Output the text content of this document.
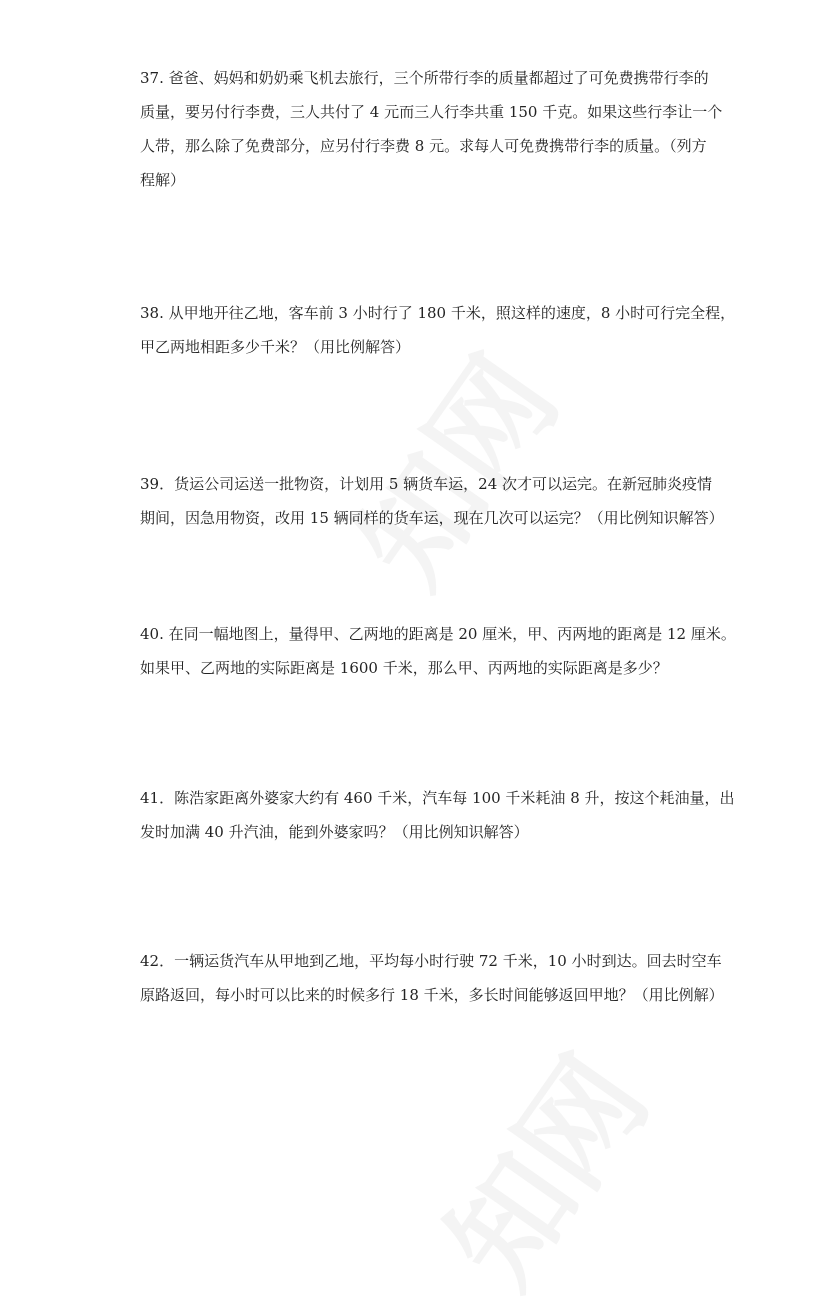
37. 爸爸、妈妈和奶奶乘飞机去旅行，三个所带行李的质量都超过了可免费携带行李的
质量，要另付行李费，三人共付了 4 元而三人行李共重 150 千克。如果这些行李让一个
人带，那么除了免费部分，应另付行李费 8 元。求每人可免费携带行李的质量。（列方
程解）
38. 从甲地开往乙地，客车前 3 小时行了 180 千米，照这样的速度，8 小时可行完全程，
甲乙两地相距多少千米？（用比例解答）
39．货运公司运送一批物资，计划用 5 辆货车运，24 次才可以运完。在新冠肺炎疫情
期间，因急用物资，改用 15 辆同样的货车运，现在几次可以运完？（用比例知识解答）
40. 在同一幅地图上，量得甲、乙两地的距离是 20 厘米，甲、丙两地的距离是 12 厘米。
如果甲、乙两地的实际距离是 1600 千米，那么甲、丙两地的实际距离是多少？
41．陈浩家距离外婆家大约有 460 千米，汽车每 100 千米耗油 8 升，按这个耗油量，出
发时加满 40 升汽油，能到外婆家吗？（用比例知识解答）
42．一辆运货汽车从甲地到乙地，平均每小时行驶 72 千米，10 小时到达。回去时空车
原路返回，每小时可以比来的时候多行 18 千米，多长时间能够返回甲地？（用比例解）
